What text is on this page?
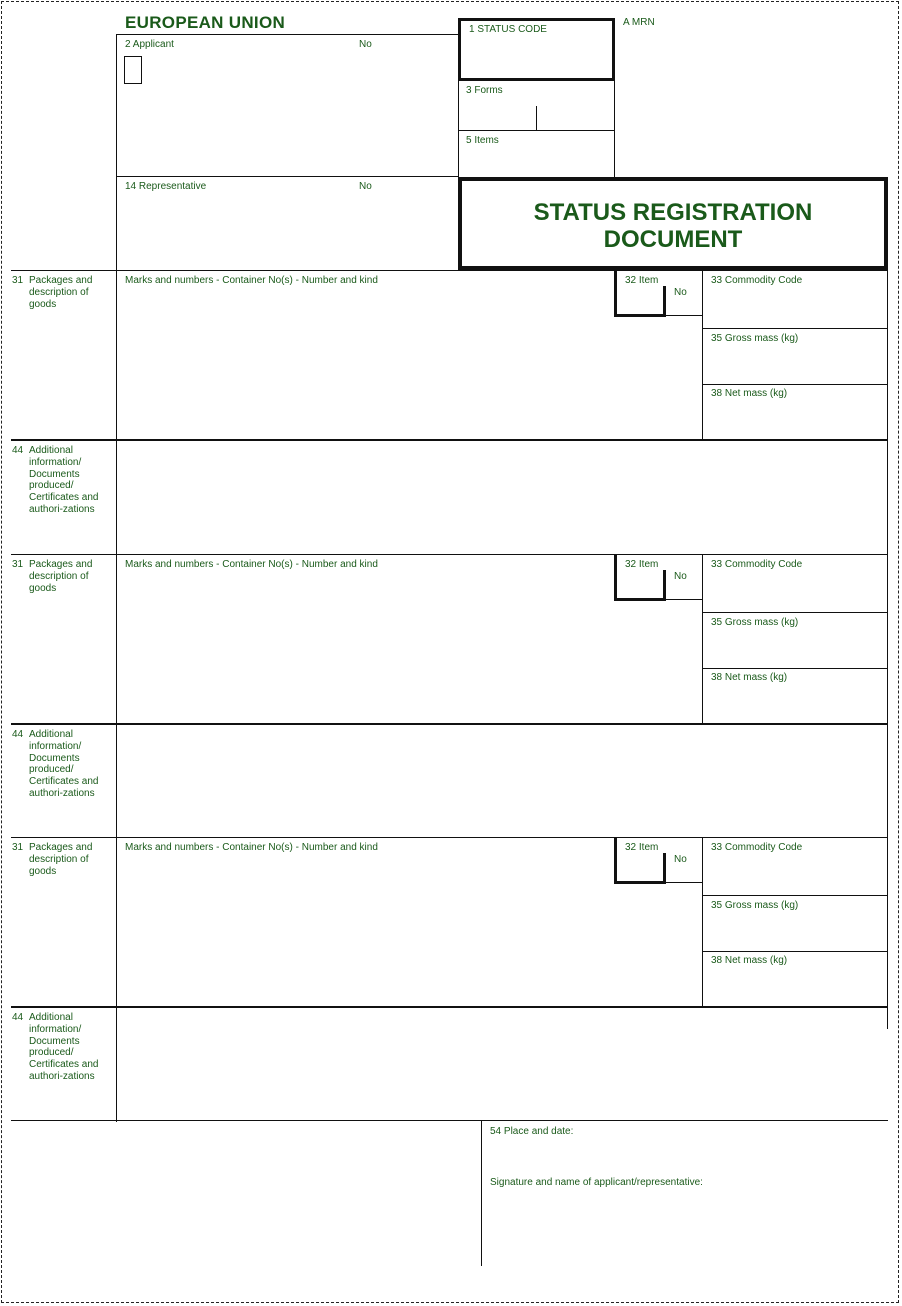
EUROPEAN UNION
2 Applicant	No
1 STATUS CODE
A MRN
3 Forms
5 Items
14 Representative	No
STATUS REGISTRATION
DOCUMENT
31 Packages and description of goods
Marks and numbers - Container No(s) - Number and kind	32 Item
No
33 Commodity Code
35 Gross mass (kg)
38 Net mass (kg)
44 Additional information/ Documents produced/ Certificates and authori-zations
31 Packages and description of goods
Marks and numbers - Container No(s) - Number and kind	32 Item
No
33 Commodity Code
35 Gross mass (kg)
38 Net mass (kg)
44 Additional information/ Documents produced/ Certificates and authori-zations
31 Packages and description of goods
Marks and numbers - Container No(s) - Number and kind	32 Item
No
33 Commodity Code
35 Gross mass (kg)
38 Net mass (kg)
44 Additional information/ Documents produced/ Certificates and authori-zations
54 Place and date:
Signature and name of applicant/representative:
